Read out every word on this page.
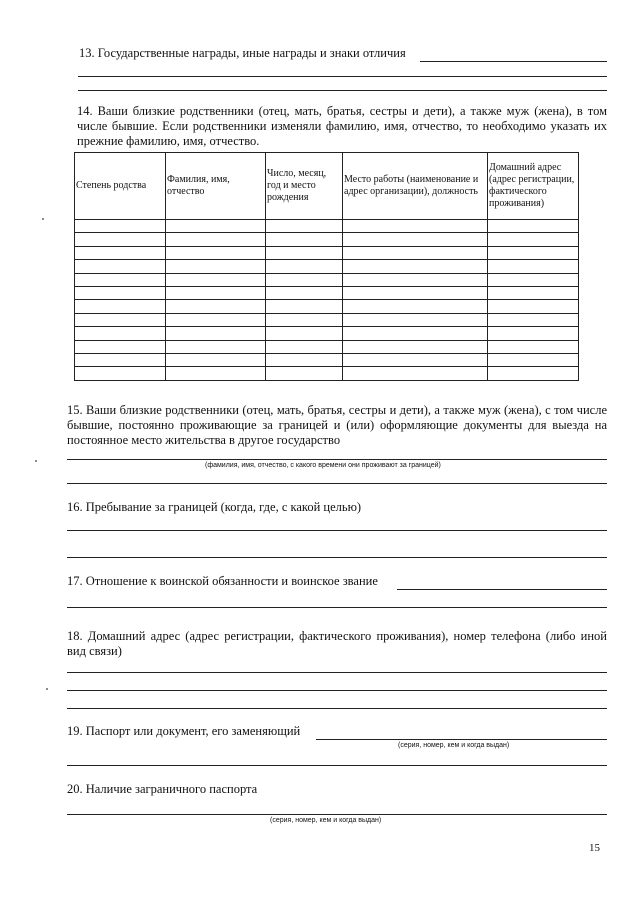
13. Государственные награды, иные награды и знаки отличия
14. Ваши близкие родственники (отец, мать, братья, сестры и дети), а также муж (жена), в том числе бывшие. Если родственники изменяли фамилию, имя, отчество, то необходимо указать их прежние фамилию, имя, отчество.
Степень родства	Фамилия, имя, отчество	Число, месяц, год и место рождения	Место работы (наименование и адрес организации), должность	Домашний адрес (адрес регистрации, фактического проживания)

15. Ваши близкие родственники (отец, мать, братья, сестры и дети), а также муж (жена), с том числе бывшие, постоянно проживающие за границей и (или) оформляющие документы для выезда на постоянное место жительства в другое государство
(фамилия, имя, отчество, с какого времени они проживают за границей)
16. Пребывание за границей (когда, где, с какой целью)
17. Отношение к воинской обязанности и воинское звание
18. Домашний адрес (адрес регистрации, фактического проживания), номер телефона (либо иной вид связи)
19. Паспорт или документ, его заменяющий
(серия, номер, кем и когда выдан)
20. Наличие заграничного паспорта
(серия, номер, кем и когда выдан)
15
